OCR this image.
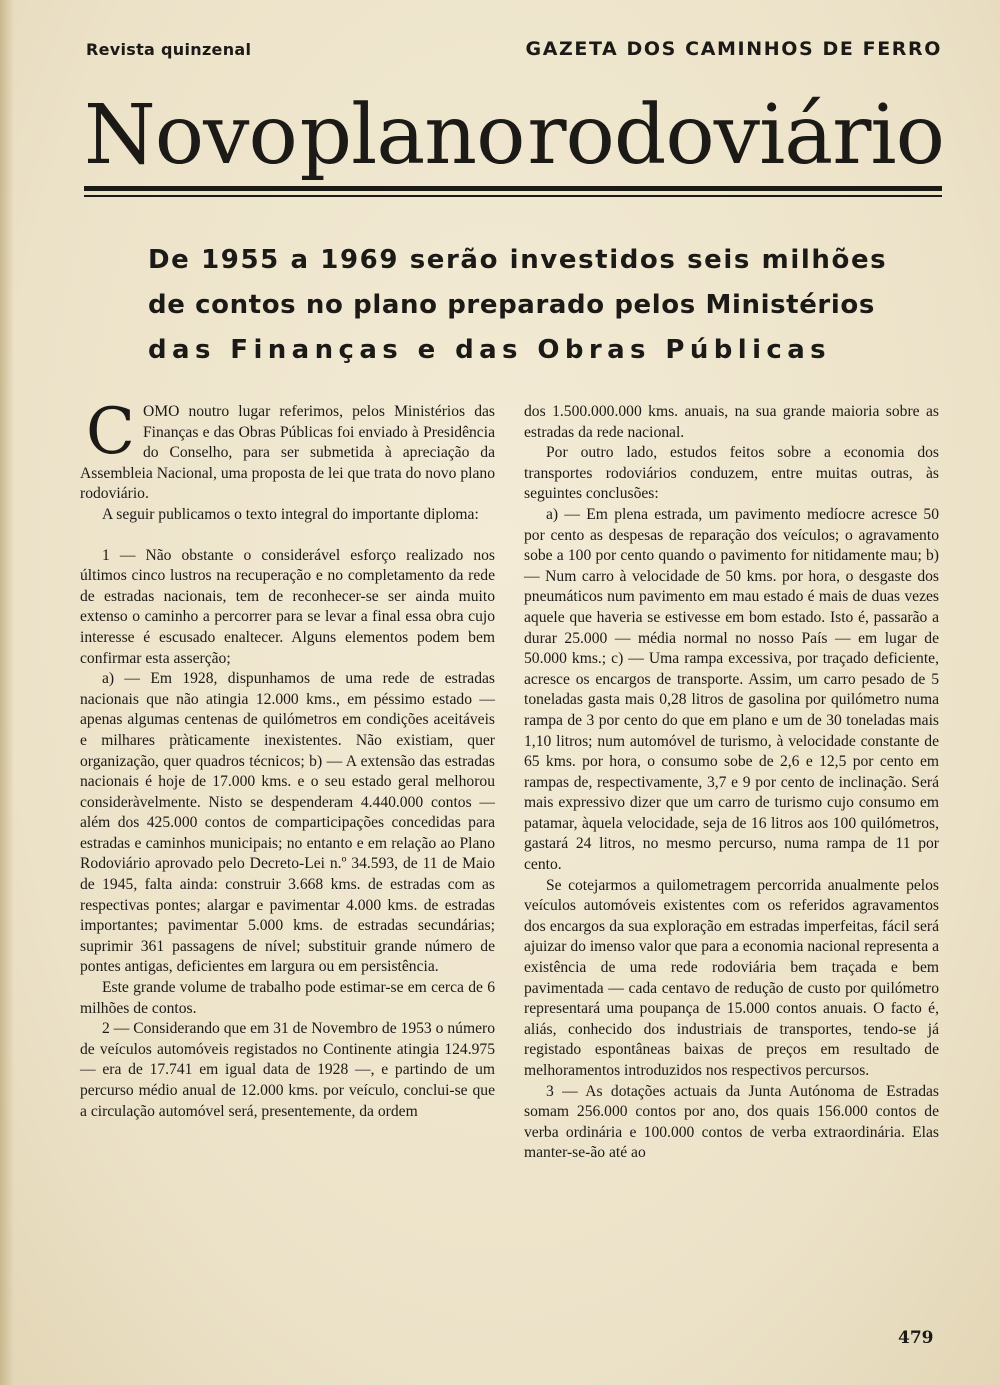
Revista quinzenal	GAZETA DOS CAMINHOS DE FERRO
Novo plano rodoviário
De 1955 a 1969 serão investidos seis milhões
de contos no plano preparado pelos Ministérios
das Finanças e das Obras Públicas

COMO noutro lugar referimos, pelos Ministérios das Finanças e das Obras Públicas foi enviado à Presidência do Conselho, para ser submetida à apreciação da Assembleia Nacional, uma proposta de lei que trata do novo plano rodoviário.

A seguir publicamos o texto integral do importante diploma:

1 — Não obstante o considerável esforço realizado nos últimos cinco lustros na recuperação e no completamento da rede de estradas nacionais, tem de reconhecer-se ser ainda muito extenso o caminho a percorrer para se levar a final essa obra cujo interesse é escusado enaltecer. Alguns elementos podem bem confirmar esta asserção;

a) — Em 1928, dispunhamos de uma rede de estradas nacionais que não atingia 12.000 kms., em péssimo estado — apenas algumas centenas de quilómetros em condições aceitáveis e milhares pràticamente inexistentes. Não existiam, quer organização, quer quadros técnicos; b) — A extensão das estradas nacionais é hoje de 17.000 kms. e o seu estado geral melhorou consideràvelmente. Nisto se despenderam 4.440.000 contos — além dos 425.000 contos de comparticipações concedidas para estradas e caminhos municipais; no entanto e em relação ao Plano Rodoviário aprovado pelo Decreto-Lei n.º 34.593, de 11 de Maio de 1945, falta ainda: construir 3.668 kms. de estradas com as respectivas pontes; alargar e pavimentar 4.000 kms. de estradas importantes; pavimentar 5.000 kms. de estradas secundárias; suprimir 361 passagens de nível; substituir grande número de pontes antigas, deficientes em largura ou em persistência.

Este grande volume de trabalho pode estimar-se em cerca de 6 milhões de contos.

2 — Considerando que em 31 de Novembro de 1953 o número de veículos automóveis registados no Continente atingia 124.975 — era de 17.741 em igual data de 1928 —, e partindo de um percurso médio anual de 12.000 kms. por veículo, conclui-se que a circulação automóvel será, presentemente, da ordem

dos 1.500.000.000 kms. anuais, na sua grande maioria sobre as estradas da rede nacional.

Por outro lado, estudos feitos sobre a economia dos transportes rodoviários conduzem, entre muitas outras, às seguintes conclusões:

a) — Em plena estrada, um pavimento medíocre acresce 50 por cento as despesas de reparação dos veículos; o agravamento sobe a 100 por cento quando o pavimento for nitidamente mau; b) — Num carro à velocidade de 50 kms. por hora, o desgaste dos pneumáticos num pavimento em mau estado é mais de duas vezes aquele que haveria se estivesse em bom estado. Isto é, passarão a durar 25.000 — média normal no nosso País — em lugar de 50.000 kms.; c) — Uma rampa excessiva, por traçado deficiente, acresce os encargos de transporte. Assim, um carro pesado de 5 toneladas gasta mais 0,28 litros de gasolina por quilómetro numa rampa de 3 por cento do que em plano e um de 30 toneladas mais 1,10 litros; num automóvel de turismo, à velocidade constante de 65 kms. por hora, o consumo sobe de 2,6 e 12,5 por cento em rampas de, respectivamente, 3,7 e 9 por cento de inclinação. Será mais expressivo dizer que um carro de turismo cujo consumo em patamar, àquela velocidade, seja de 16 litros aos 100 quilómetros, gastará 24 litros, no mesmo percurso, numa rampa de 11 por cento.

Se cotejarmos a quilometragem percorrida anualmente pelos veículos automóveis existentes com os referidos agravamentos dos encargos da sua exploração em estradas imperfeitas, fácil será ajuizar do imenso valor que para a economia nacional representa a existência de uma rede rodoviária bem traçada e bem pavimentada — cada centavo de redução de custo por quilómetro representará uma poupança de 15.000 contos anuais. O facto é, aliás, conhecido dos industriais de transportes, tendo-se já registado espontâneas baixas de preços em resultado de melhoramentos introduzidos nos respectivos percursos.

3 — As dotações actuais da Junta Autónoma de Estradas somam 256.000 contos por ano, dos quais 156.000 contos de verba ordinária e 100.000 contos de verba extraordinária. Elas manter-se-ão até ao

479
